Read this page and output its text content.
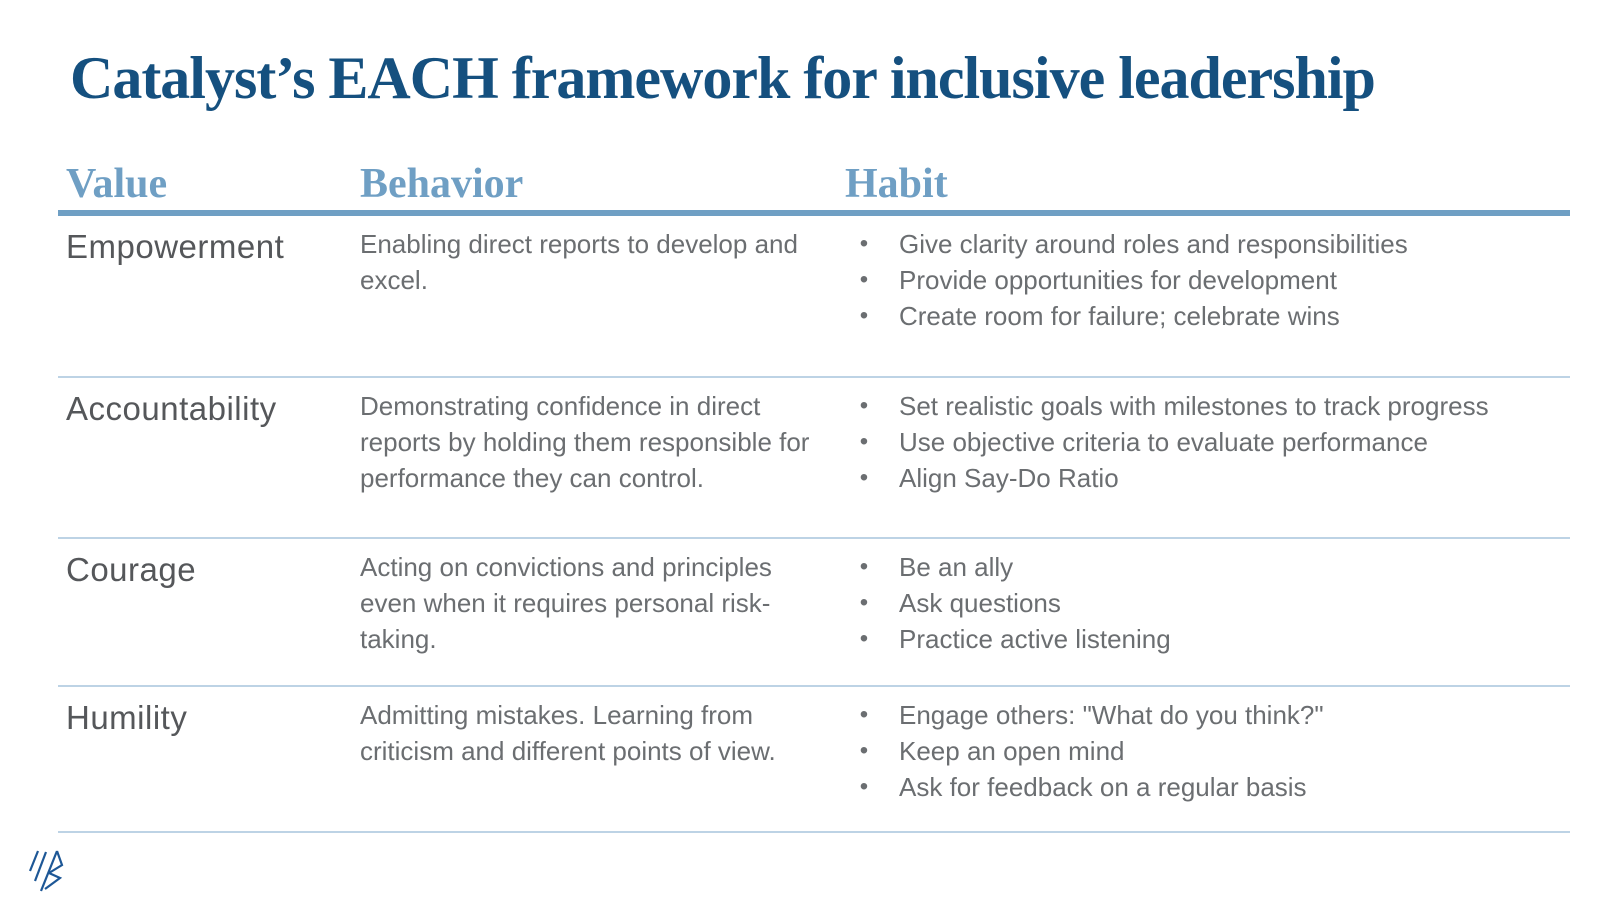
Catalyst’s EACH framework for inclusive leadership
Value	Behavior	Habit
Empowerment	Enabling direct reports to develop and excel.
• Give clarity around roles and responsibilities
• Provide opportunities for development
• Create room for failure; celebrate wins
Accountability	Demonstrating confidence in direct reports by holding them responsible for performance they can control.
• Set realistic goals with milestones to track progress
• Use objective criteria to evaluate performance
• Align Say-Do Ratio
Courage	Acting on convictions and principles even when it requires personal risk-taking.
• Be an ally
• Ask questions
• Practice active listening
Humility	Admitting mistakes. Learning from criticism and different points of view.
• Engage others: "What do you think?"
• Keep an open mind
• Ask for feedback on a regular basis
